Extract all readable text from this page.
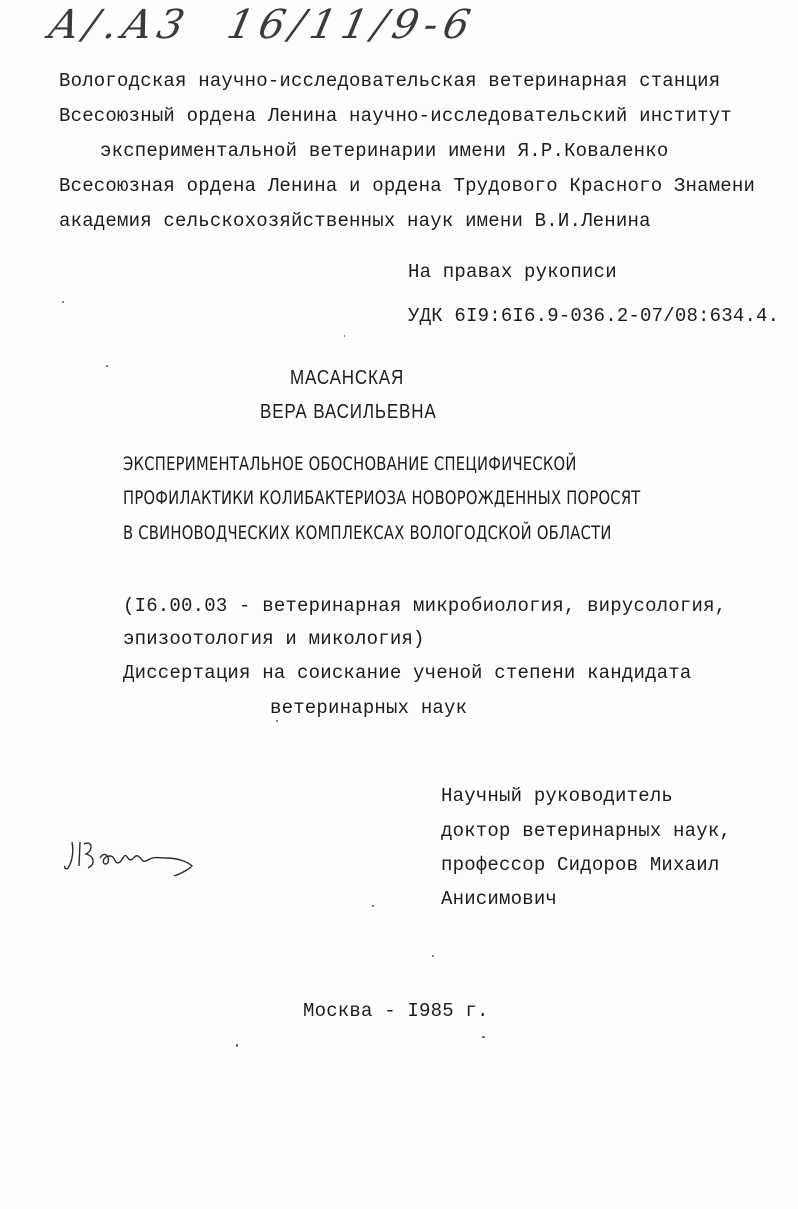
A/.A3 16/11/9-6
Вологодская научно-исследовательская ветеринарная станция
Всесоюзный ордена Ленина научно-исследовательский институт
экспериментальной ветеринарии имени Я.Р.Коваленко
Всесоюзная ордена Ленина и ордена Трудового Красного Знамени
академия сельскохозяйственных наук имени В.И.Ленина
На правах рукописи
УДК 6I9:6I6.9-036.2-07/08:634.4.
МАСАНСКАЯ
ВЕРА ВАСИЛЬЕВНА
ЭКСПЕРИМЕНТАЛЬНОЕ ОБОСНОВАНИЕ СПЕЦИФИЧЕСКОЙ
ПРОФИЛАКТИКИ КОЛИБАКТЕРИОЗА НОВОРОЖДЕННЫХ ПОРОСЯТ
В СВИНОВОДЧЕСКИХ КОМПЛЕКСАХ ВОЛОГОДСКОЙ ОБЛАСТИ
(I6.00.03 - ветеринарная микробиология, вирусология,
эпизоотология и микология)
Диссертация на соискание ученой степени кандидата
ветеринарных наук
Научный руководитель
доктор ветеринарных наук,
профессор Сидоров Михаил
Анисимович
Москва - I985 г.
